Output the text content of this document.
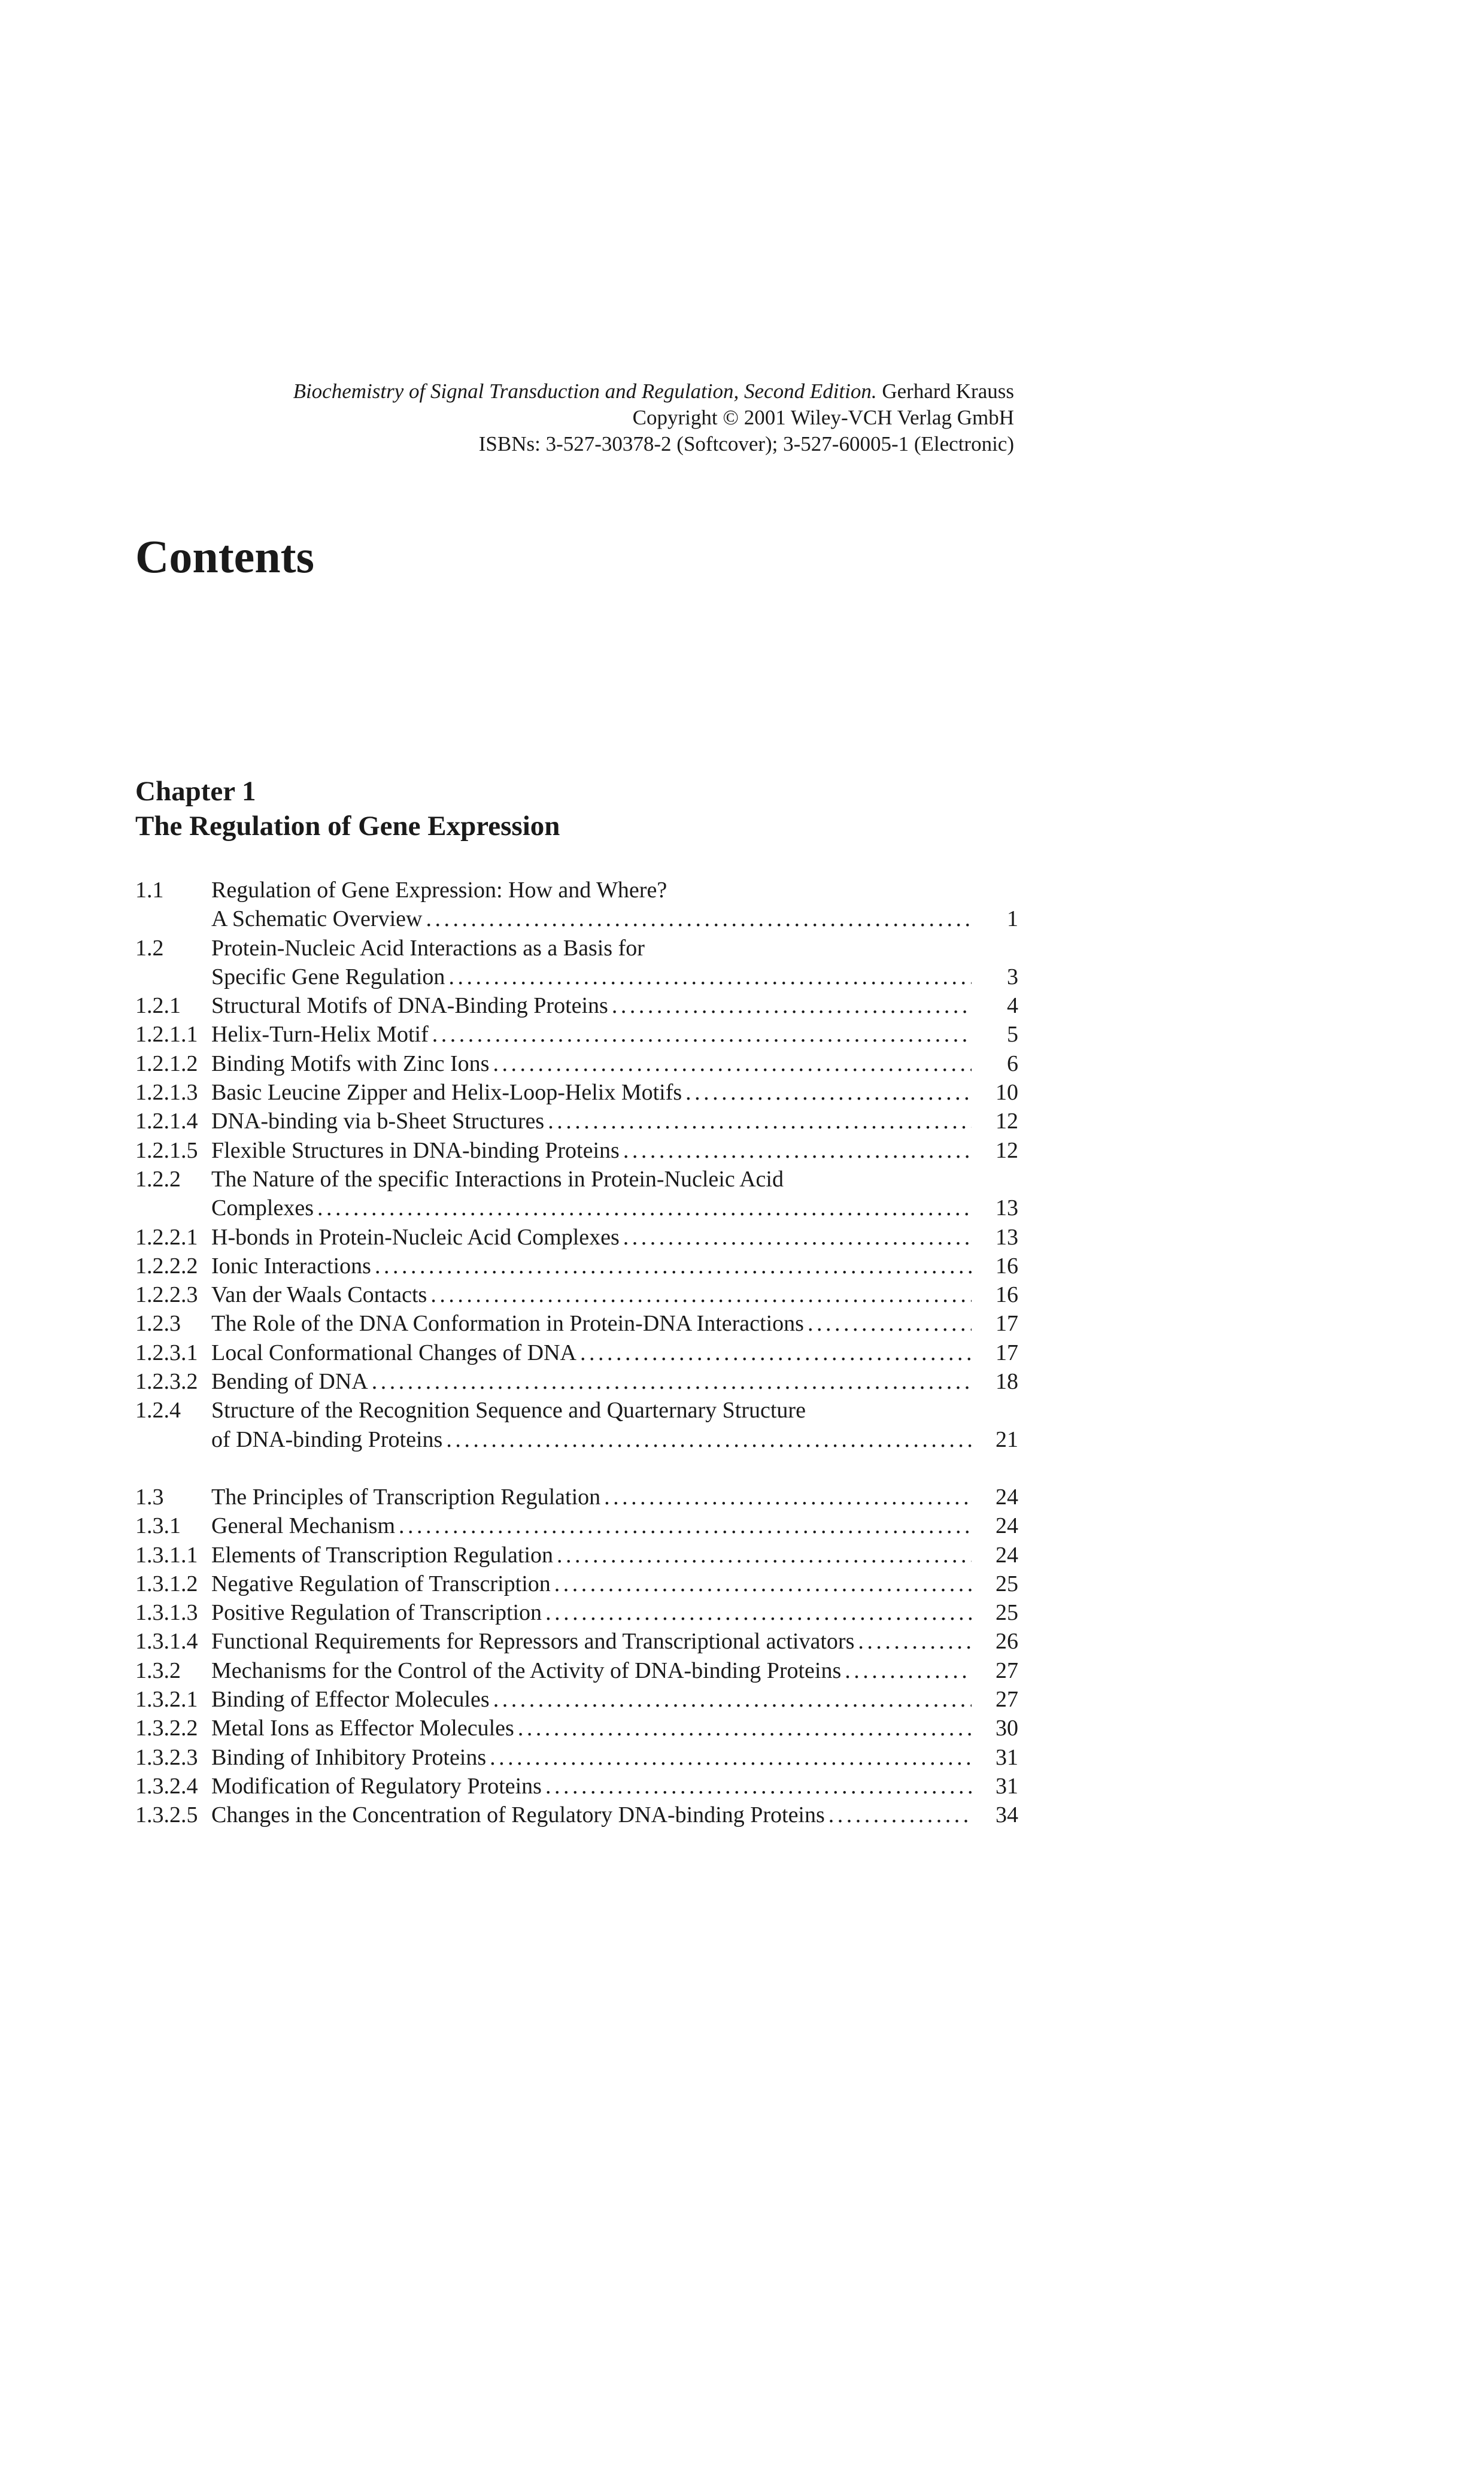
Biochemistry of Signal Transduction and Regulation, Second Edition. Gerhard Krauss
Copyright © 2001 Wiley-VCH Verlag GmbH
ISBNs: 3-527-30378-2 (Softcover); 3-527-60005-1 (Electronic)
Contents
Chapter 1
The Regulation of Gene Expression
1.1 Regulation of Gene Expression: How and Where?
A Schematic Overview . . .	1
1.2 Protein-Nucleic Acid Interactions as a Basis for
Specific Gene Regulation . . .	3
1.2.1 Structural Motifs of DNA-Binding Proteins . . .	4
1.2.1.1 Helix-Turn-Helix Motif . . .	5
1.2.1.2 Binding Motifs with Zinc Ions . . .	6
1.2.1.3 Basic Leucine Zipper and Helix-Loop-Helix Motifs . . .	10
1.2.1.4 DNA-binding via b-Sheet Structures . . .	12
1.2.1.5 Flexible Structures in DNA-binding Proteins . . .	12
1.2.2 The Nature of the specific Interactions in Protein-Nucleic Acid
Complexes . . .	13
1.2.2.1 H-bonds in Protein-Nucleic Acid Complexes . . .	13
1.2.2.2 Ionic Interactions . . .	16
1.2.2.3 Van der Waals Contacts . . .	16
1.2.3 The Role of the DNA Conformation in Protein-DNA Interactions . . .	17
1.2.3.1 Local Conformational Changes of DNA . . .	17
1.2.3.2 Bending of DNA . . .	18
1.2.4 Structure of the Recognition Sequence and Quarternary Structure
of DNA-binding Proteins . . .	21
1.3 The Principles of Transcription Regulation . . .	24
1.3.1 General Mechanism . . .	24
1.3.1.1 Elements of Transcription Regulation . . .	24
1.3.1.2 Negative Regulation of Transcription . . .	25
1.3.1.3 Positive Regulation of Transcription . . .	25
1.3.1.4 Functional Requirements for Repressors and Transcriptional activators . . .	26
1.3.2 Mechanisms for the Control of the Activity of DNA-binding Proteins . . .	27
1.3.2.1 Binding of Effector Molecules . . .	27
1.3.2.2 Metal Ions as Effector Molecules . . .	30
1.3.2.3 Binding of Inhibitory Proteins . . .	31
1.3.2.4 Modification of Regulatory Proteins . . .	31
1.3.2.5 Changes in the Concentration of Regulatory DNA-binding Proteins . . .	34
